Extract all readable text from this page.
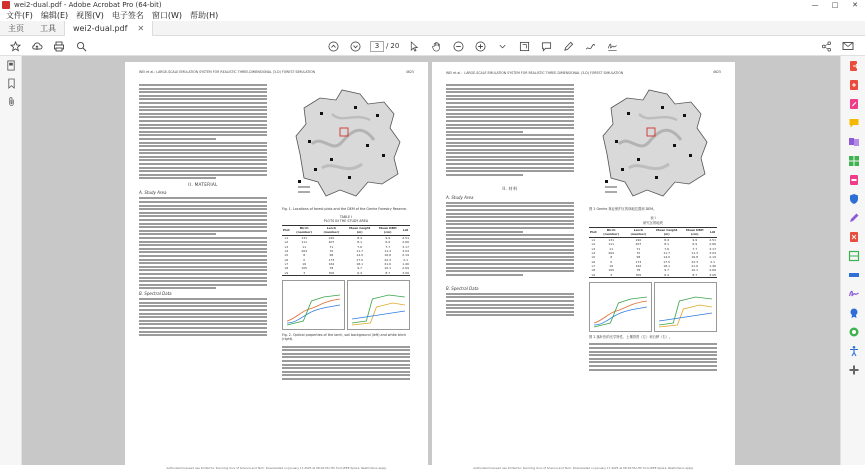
wei2-dual.pdf - Adobe Acrobat Pro (64-bit)	—	□	✕
文件(F)	编辑(E)	视图(V)	电子签名	窗口(W)	帮助(H)
主页	工具	wei2-dual.pdf ✕
3 / 20
WEI et al.: LARGE-SCALE EMULATION SYSTEM FOR REALISTIC THREE-DIMENSIONAL (3-D) FOREST SIMULATION	4625
II. MATERIAL
A. Study Area
B. Spectral Data
Fig. 1. Locations of forest plots and the DEM of the Genhe Forestry Reserve.
TABLE I
PLOTS IN THE STUDY AREA
Plot	Birch (number)	Larch (number)	Mean height (m)	Mean DBH (cm)	LAI
L1	131	220	8.4	9.9	2.51
L2	111	407	8.1	6.9	2.66
L3	11	71	7.6	7.7	3.17
L4	264	70	11.7	11.3	3.04
L5	8	98	14.0	16.8	2.19
L6	0	173	17.5	22.3	2.1
L7	16	162	18.1	21.6	1.46
L8	105	78	9.7	10.1	2.69
L9	3	305	6.4	8.7	3.06
Fig. 2. Optical properties of the larch, soil background (left) and white birch (right).
Authorized licensed use limited to: Kunming Univ of Science and Tech. Downloaded on January 17,2025 at 08:16:56 UTC from IEEE Xplore. Restrictions apply.
WEI et al.：LARGE-SCALE EMULATION SYSTEM FOR REALISTIC THREE-DIMENSIONAL (3-D) FOREST SIMULATION	4625
II. 材料
A. Study Area
B. Spectral Data
图 1 Genhe 林业保护区的林地位置和 DEM。
表 I
研究区的地块
Plot	Birch (number)	Larch (number)	Mean height (m)	Mean DBH (cm)	LAI
L1	131	220	8.4	9.9	2.51
L2	111	407	8.1	6.9	2.66
L3	11	71	7.6	7.7	3.17
L4	264	70	11.7	11.3	3.04
L5	8	98	14.0	16.8	2.19
L6	0	173	17.5	22.3	2.1
L7	16	162	18.1	21.6	1.46
L8	105	78	9.7	10.1	2.69
L9	3	305	6.4	8.7	3.06
图 2 落叶松的光学特性、土壤背景（左）和白桦（右）。
Authorized licensed use limited to: Kunming Univ of Science and Tech. Downloaded on January 17,2025 at 08:16:56 UTC from IEEE Xplore. Restrictions apply.
